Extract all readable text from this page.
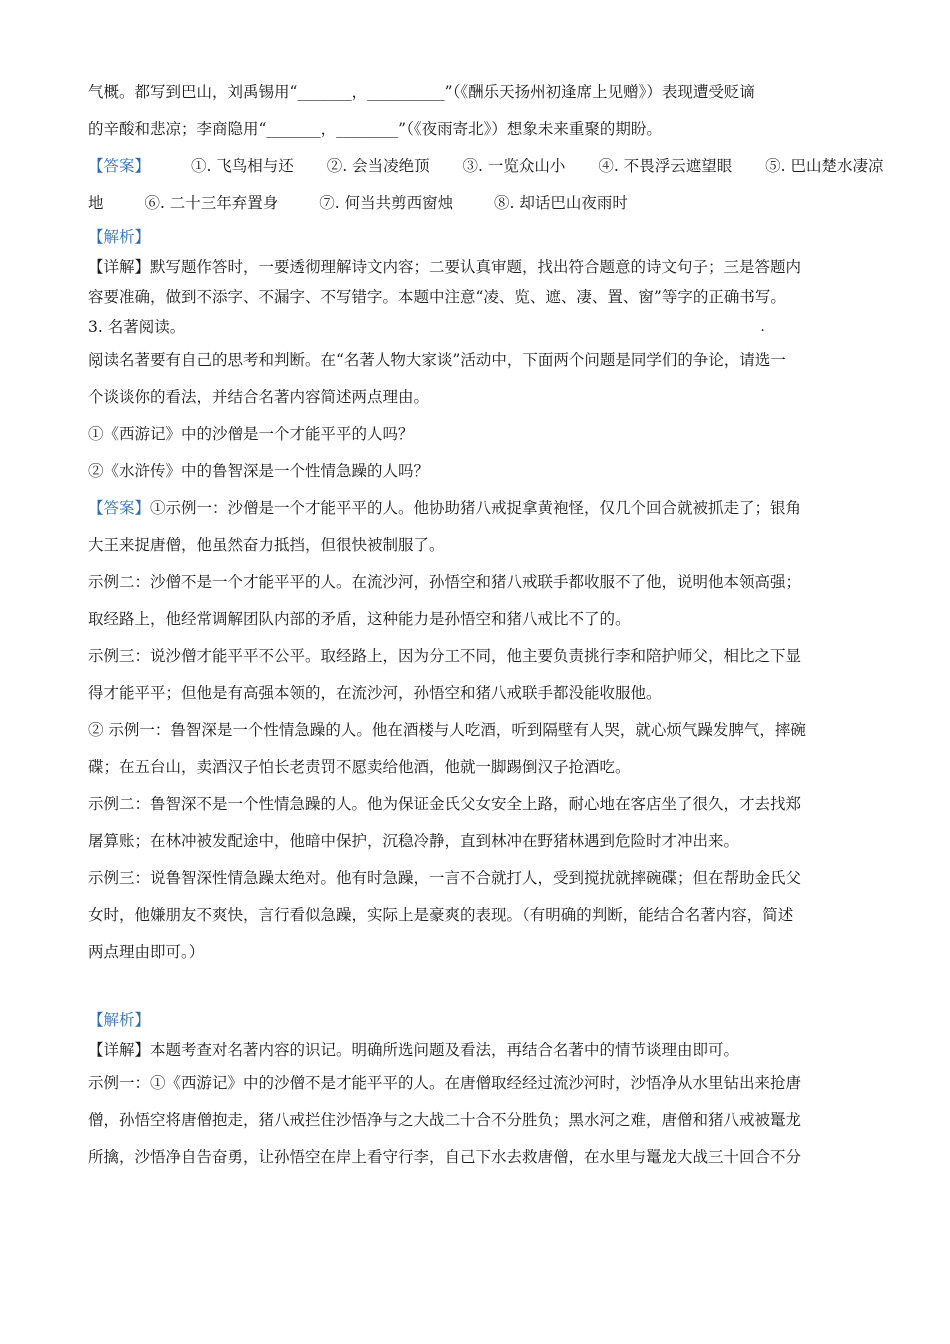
气概。都写到巴山，刘禹锡用“_______，__________”（《酬乐天扬州初逢席上见赠》）表现遭受贬谪
的辛酸和悲凉；李商隐用“_______，________”（《夜雨寄北》）想象未来重聚的期盼。
【答案】	①. 飞鸟相与还 ②. 会当凌绝顶 ③. 一览众山小 ④. 不畏浮云遮望眼 ⑤. 巴山楚水凄凉
地	⑥. 二十三年弃置身	⑦. 何当共剪西窗烛	⑧. 却话巴山夜雨时
【解析】
【详解】默写题作答时，一要透彻理解诗文内容；二要认真审题，找出符合题意的诗文句子；三是答题内
容要准确，做到不添字、不漏字、不写错字。本题中注意“凌、览、遮、凄、置、窗”等字的正确书写。
3. 名著阅读。
阅读名著要有自己的思考和判断。在“名著人物大家谈”活动中，下面两个问题是同学们的争论，请选一
个谈谈你的看法，并结合名著内容简述两点理由。
①《西游记》中的沙僧是一个才能平平的人吗？
②《水浒传》中的鲁智深是一个性情急躁的人吗？
【答案】①示例一：沙僧是一个才能平平的人。他协助猪八戒捉拿黄袍怪，仅几个回合就被抓走了；银角
大王来捉唐僧，他虽然奋力抵挡，但很快被制服了。
示例二：沙僧不是一个才能平平的人。在流沙河，孙悟空和猪八戒联手都收服不了他，说明他本领高强；
取经路上，他经常调解团队内部的矛盾，这种能力是孙悟空和猪八戒比不了的。
示例三：说沙僧才能平平不公平。取经路上，因为分工不同，他主要负责挑行李和陪护师父，相比之下显
得才能平平；但他是有高强本领的，在流沙河，孙悟空和猪八戒联手都没能收服他。
② 示例一：鲁智深是一个性情急躁的人。他在酒楼与人吃酒，听到隔壁有人哭，就心烦气躁发脾气，摔碗
碟；在五台山，卖酒汉子怕长老责罚不愿卖给他酒，他就一脚踢倒汉子抢酒吃。
示例二：鲁智深不是一个性情急躁的人。他为保证金氏父女安全上路，耐心地在客店坐了很久，才去找郑
屠算账；在林冲被发配途中，他暗中保护，沉稳冷静，直到林冲在野猪林遇到危险时才冲出来。
示例三：说鲁智深性情急躁太绝对。他有时急躁，一言不合就打人，受到搅扰就摔碗碟；但在帮助金氏父
女时，他嫌朋友不爽快，言行看似急躁，实际上是豪爽的表现。（有明确的判断，能结合名著内容，简述
两点理由即可。）
【解析】
【详解】本题考查对名著内容的识记。明确所选问题及看法，再结合名著中的情节谈理由即可。
示例一：①《西游记》中的沙僧不是才能平平的人。在唐僧取经经过流沙河时，沙悟净从水里钻出来抢唐
僧，孙悟空将唐僧抱走，猪八戒拦住沙悟净与之大战二十合不分胜负；黑水河之难，唐僧和猪八戒被鼍龙
所擒，沙悟净自告奋勇，让孙悟空在岸上看守行李，自己下水去救唐僧，在水里与鼍龙大战三十回合不分
